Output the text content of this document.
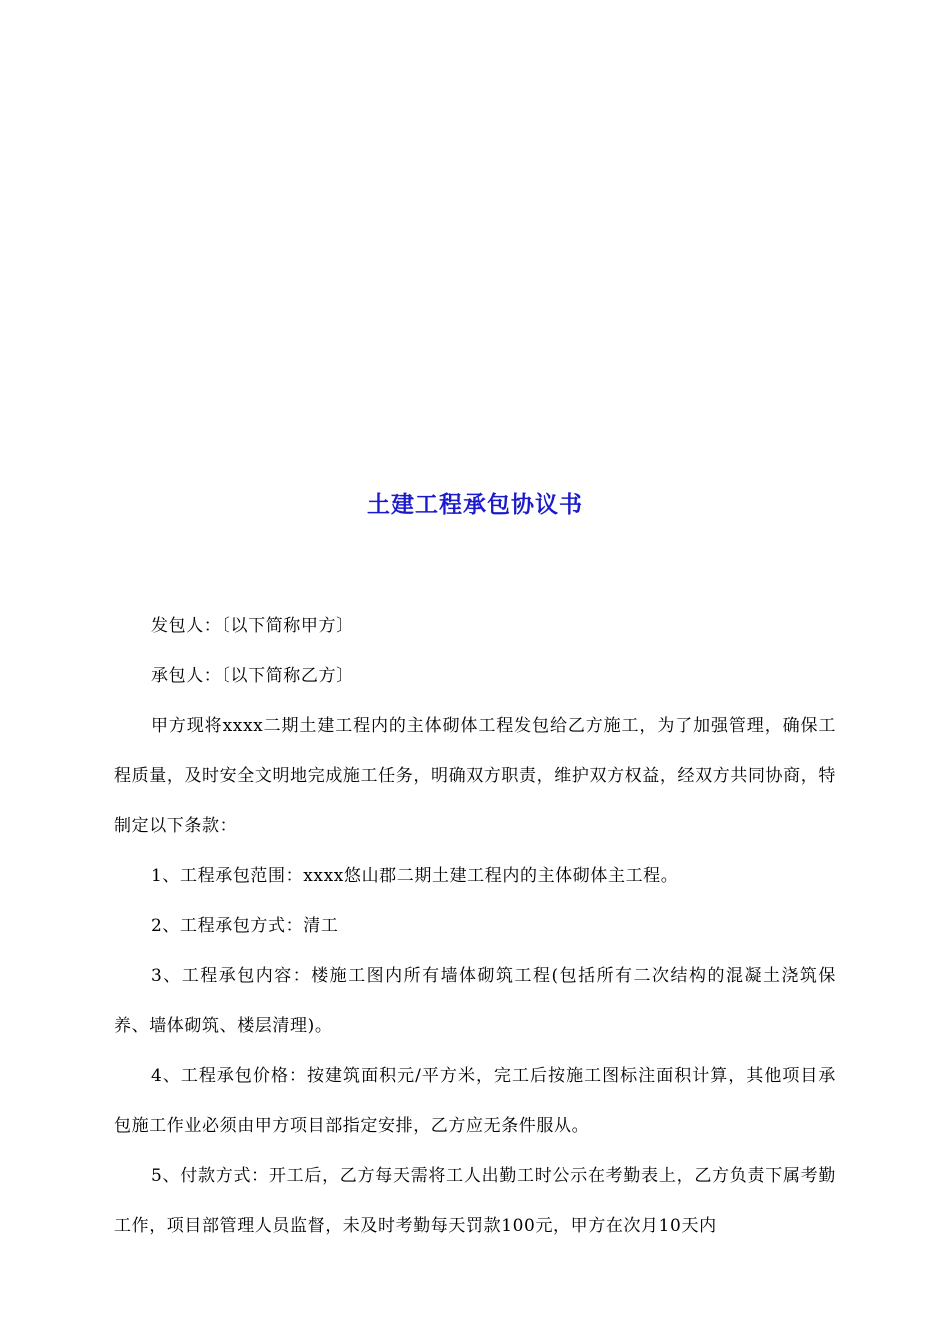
土建工程承包协议书

发包人：〔以下简称甲方〕

承包人：〔以下简称乙方〕

甲方现将xxxx二期土建工程内的主体砌体工程发包给乙方施工，为了加强管理，确保工程质量，及时安全文明地完成施工任务，明确双方职责，维护双方权益，经双方共同协商，特制定以下条款：

1、工程承包范围：xxxx悠山郡二期土建工程内的主体砌体主工程。

2、工程承包方式：清工

3、工程承包内容：楼施工图内所有墙体砌筑工程(包括所有二次结构的混凝土浇筑保养、墙体砌筑、楼层清理)。

4、工程承包价格：按建筑面积元/平方米，完工后按施工图标注面积计算，其他项目承包施工作业必须由甲方项目部指定安排，乙方应无条件服从。

5、付款方式：开工后，乙方每天需将工人出勤工时公示在考勤表上，乙方负责下属考勤工作，项目部管理人员监督，未及时考勤每天罚款100元，甲方在次月10天内
